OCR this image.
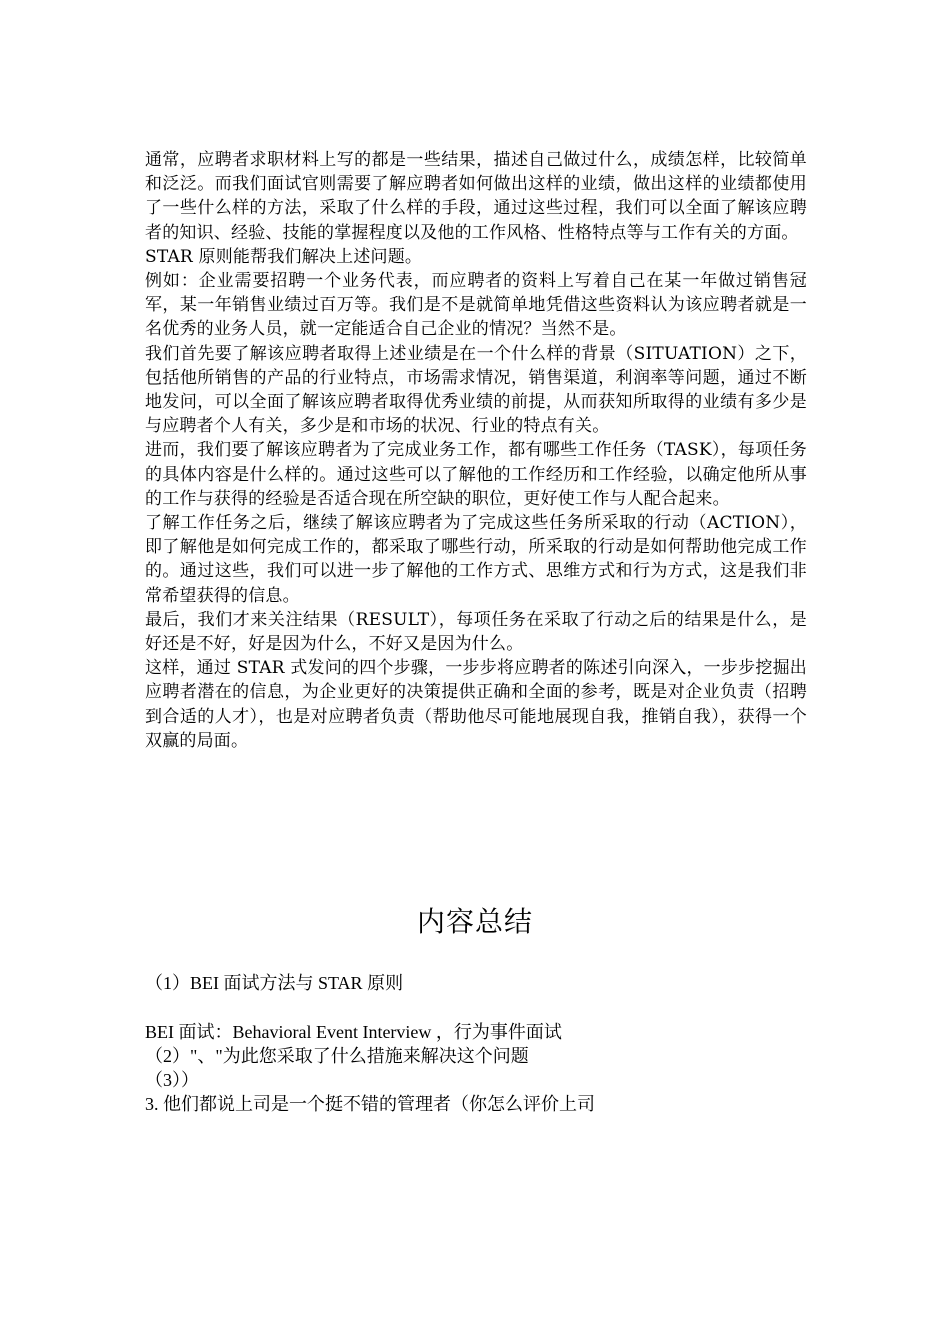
通常，应聘者求职材料上写的都是一些结果，描述自己做过什么，成绩怎样，比较简单和泛泛。而我们面试官则需要了解应聘者如何做出这样的业绩，做出这样的业绩都使用了一些什么样的方法，采取了什么样的手段，通过这些过程，我们可以全面了解该应聘者的知识、经验、技能的掌握程度以及他的工作风格、性格特点等与工作有关的方面。

STAR 原则能帮我们解决上述问题。

例如：企业需要招聘一个业务代表，而应聘者的资料上写着自己在某一年做过销售冠军，某一年销售业绩过百万等。我们是不是就简单地凭借这些资料认为该应聘者就是一名优秀的业务人员，就一定能适合自己企业的情况？当然不是。

我们首先要了解该应聘者取得上述业绩是在一个什么样的背景（SITUATION）之下，包括他所销售的产品的行业特点，市场需求情况，销售渠道，利润率等问题，通过不断地发问，可以全面了解该应聘者取得优秀业绩的前提，从而获知所取得的业绩有多少是与应聘者个人有关，多少是和市场的状况、行业的特点有关。

进而，我们要了解该应聘者为了完成业务工作，都有哪些工作任务（TASK），每项任务的具体内容是什么样的。通过这些可以了解他的工作经历和工作经验，以确定他所从事的工作与获得的经验是否适合现在所空缺的职位，更好使工作与人配合起来。

了解工作任务之后，继续了解该应聘者为了完成这些任务所采取的行动（ACTION），即了解他是如何完成工作的，都采取了哪些行动，所采取的行动是如何帮助他完成工作的。通过这些，我们可以进一步了解他的工作方式、思维方式和行为方式，这是我们非常希望获得的信息。

最后，我们才来关注结果（RESULT），每项任务在采取了行动之后的结果是什么，是好还是不好，好是因为什么，不好又是因为什么。

这样，通过 STAR 式发问的四个步骤，一步步将应聘者的陈述引向深入，一步步挖掘出应聘者潜在的信息，为企业更好的决策提供正确和全面的参考，既是对企业负责（招聘到合适的人才），也是对应聘者负责（帮助他尽可能地展现自我，推销自我），获得一个双赢的局面。

内容总结
（1）BEI 面试方法与 STAR 原则

BEI 面试：Behavioral Event Interview ，行为事件面试

（2）"、"为此您采取了什么措施来解决这个问题

（3））

3. 他们都说上司是一个挺不错的管理者（你怎么评价上司
